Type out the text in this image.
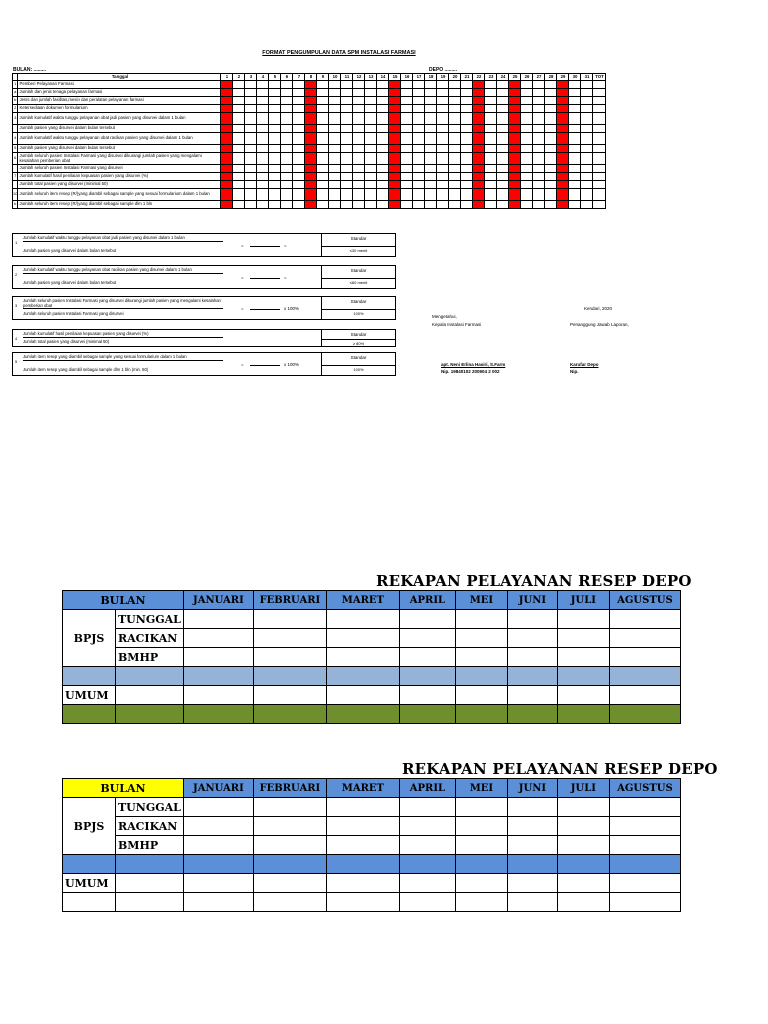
FORMAT PENGUMPULAN DATA SPM INSTALASI FARMASI
BULAN: .........	DEPO .........
	Tanggal	1	2	3	4	5	6	7	8	9	10	11	12	13	14	15	16	17	18	19	20	21	22	23	24	25	26	27	28	29	30	31	TOT
1	Pemberi Pelayanan Farmasi																																
a	Jumlah dan jenis tenaga pelayanan farmasi																																
b	Jenis dan jumlah fasilitas,mesin dan peralatan pelayanan farmasi																																
2	Ketersediaan dokumen formularium																																
3	Jumlah kumulatif waktu tunggu pelayanan obat jadi pasien yang disurvei dalam 1 bulan																																
	Jumlah pasien yang disurvei dalam bulan tersebut																																
4	Jumlah kumulatif waktu tunggu pelayanan obat racikan pasien yang disurvei dalam 1 bulan																																
5	Jumlah pasien yang disurvei dalam bulan tersebut																																
6	Jumlah seluruh pasien Instalasi Farmasi yang disurvei dikurangi jumlah pasien yang mengalami kesalahan pemberian obat																																
	Jumlah seluruh pasien Instalasi Farmasi yang disurvei																																
7	Jumlah kumulatif hasil penilaian kepuasan pasien yang disurvei (%)																																
	Jumlah total pasien yang disurvei (minimal 50)																																
10	Jumlah seluruh item resep (R/)yang diambil sebagai sample yang sesuai formularium dalam 1 bulan																																
b	Jumlah seluruh item resep (R/)yang diambil sebagai sample dlm 1 bln																																
1
Jumlah kumulatif waktu tunggu pelayanan obat jadi pasien yang disurvei dalam 1 bulan
Jumlah pasien yang disurvei dalam bulan tersebut
=	=
Standar
≤30 menit
2
Jumlah kumulatif waktu tunggu pelayanan obat racikan pasien yang disurvei dalam 1 bulan
Jumlah pasien yang disurvei dalam bulan tersebut
=	=
Standar
≤60 menit
3
Jumlah seluruh pasien Instalasi Farmasi yang disurvei dikurangi jumlah pasien yang mengalami kesalahan pemberian obat
Jumlah seluruh pasien Instalasi Farmasi yang disurvei
=	x 100%
Standar
100%
4
Jumlah kumulatif hasil penilaian kepuasan pasien yang disurvei (%)
Jumlah total pasien yang disurvei (minimal 50)
Standar
≥ 80%
5
Jumlah item resep yang diambil sebagai sample yang sesuai formularium dalam 1 bulan
Jumlah item resep yang diambil sebagai sample dlm 1 bln (min. 50)
=	x 100%
Standar
100%
Kendari, 2020
Mengetahui,
Kepala Instalasi Farmasi	Penanggung Jawab Laporan,
apt. Neni Erlina Hasiri, S.Farm
Nip. 19840102 200904 2 002
Karufar Depo
Nip.
REKAPAN PELAYANAN RESEP DEPO
BULAN		JANUARI	FEBRUARI	MARET	APRIL	MEI	JUNI	JULI	AGUSTUS
BPJS	TUNGGAL								
	RACIKAN								
	BMHP								

UMUM									

REKAPAN PELAYANAN RESEP DEPO
BULAN		JANUARI	FEBRUARI	MARET	APRIL	MEI	JUNI	JULI	AGUSTUS
BPJS	TUNGGAL								
	RACIKAN								
	BMHP								

UMUM									
